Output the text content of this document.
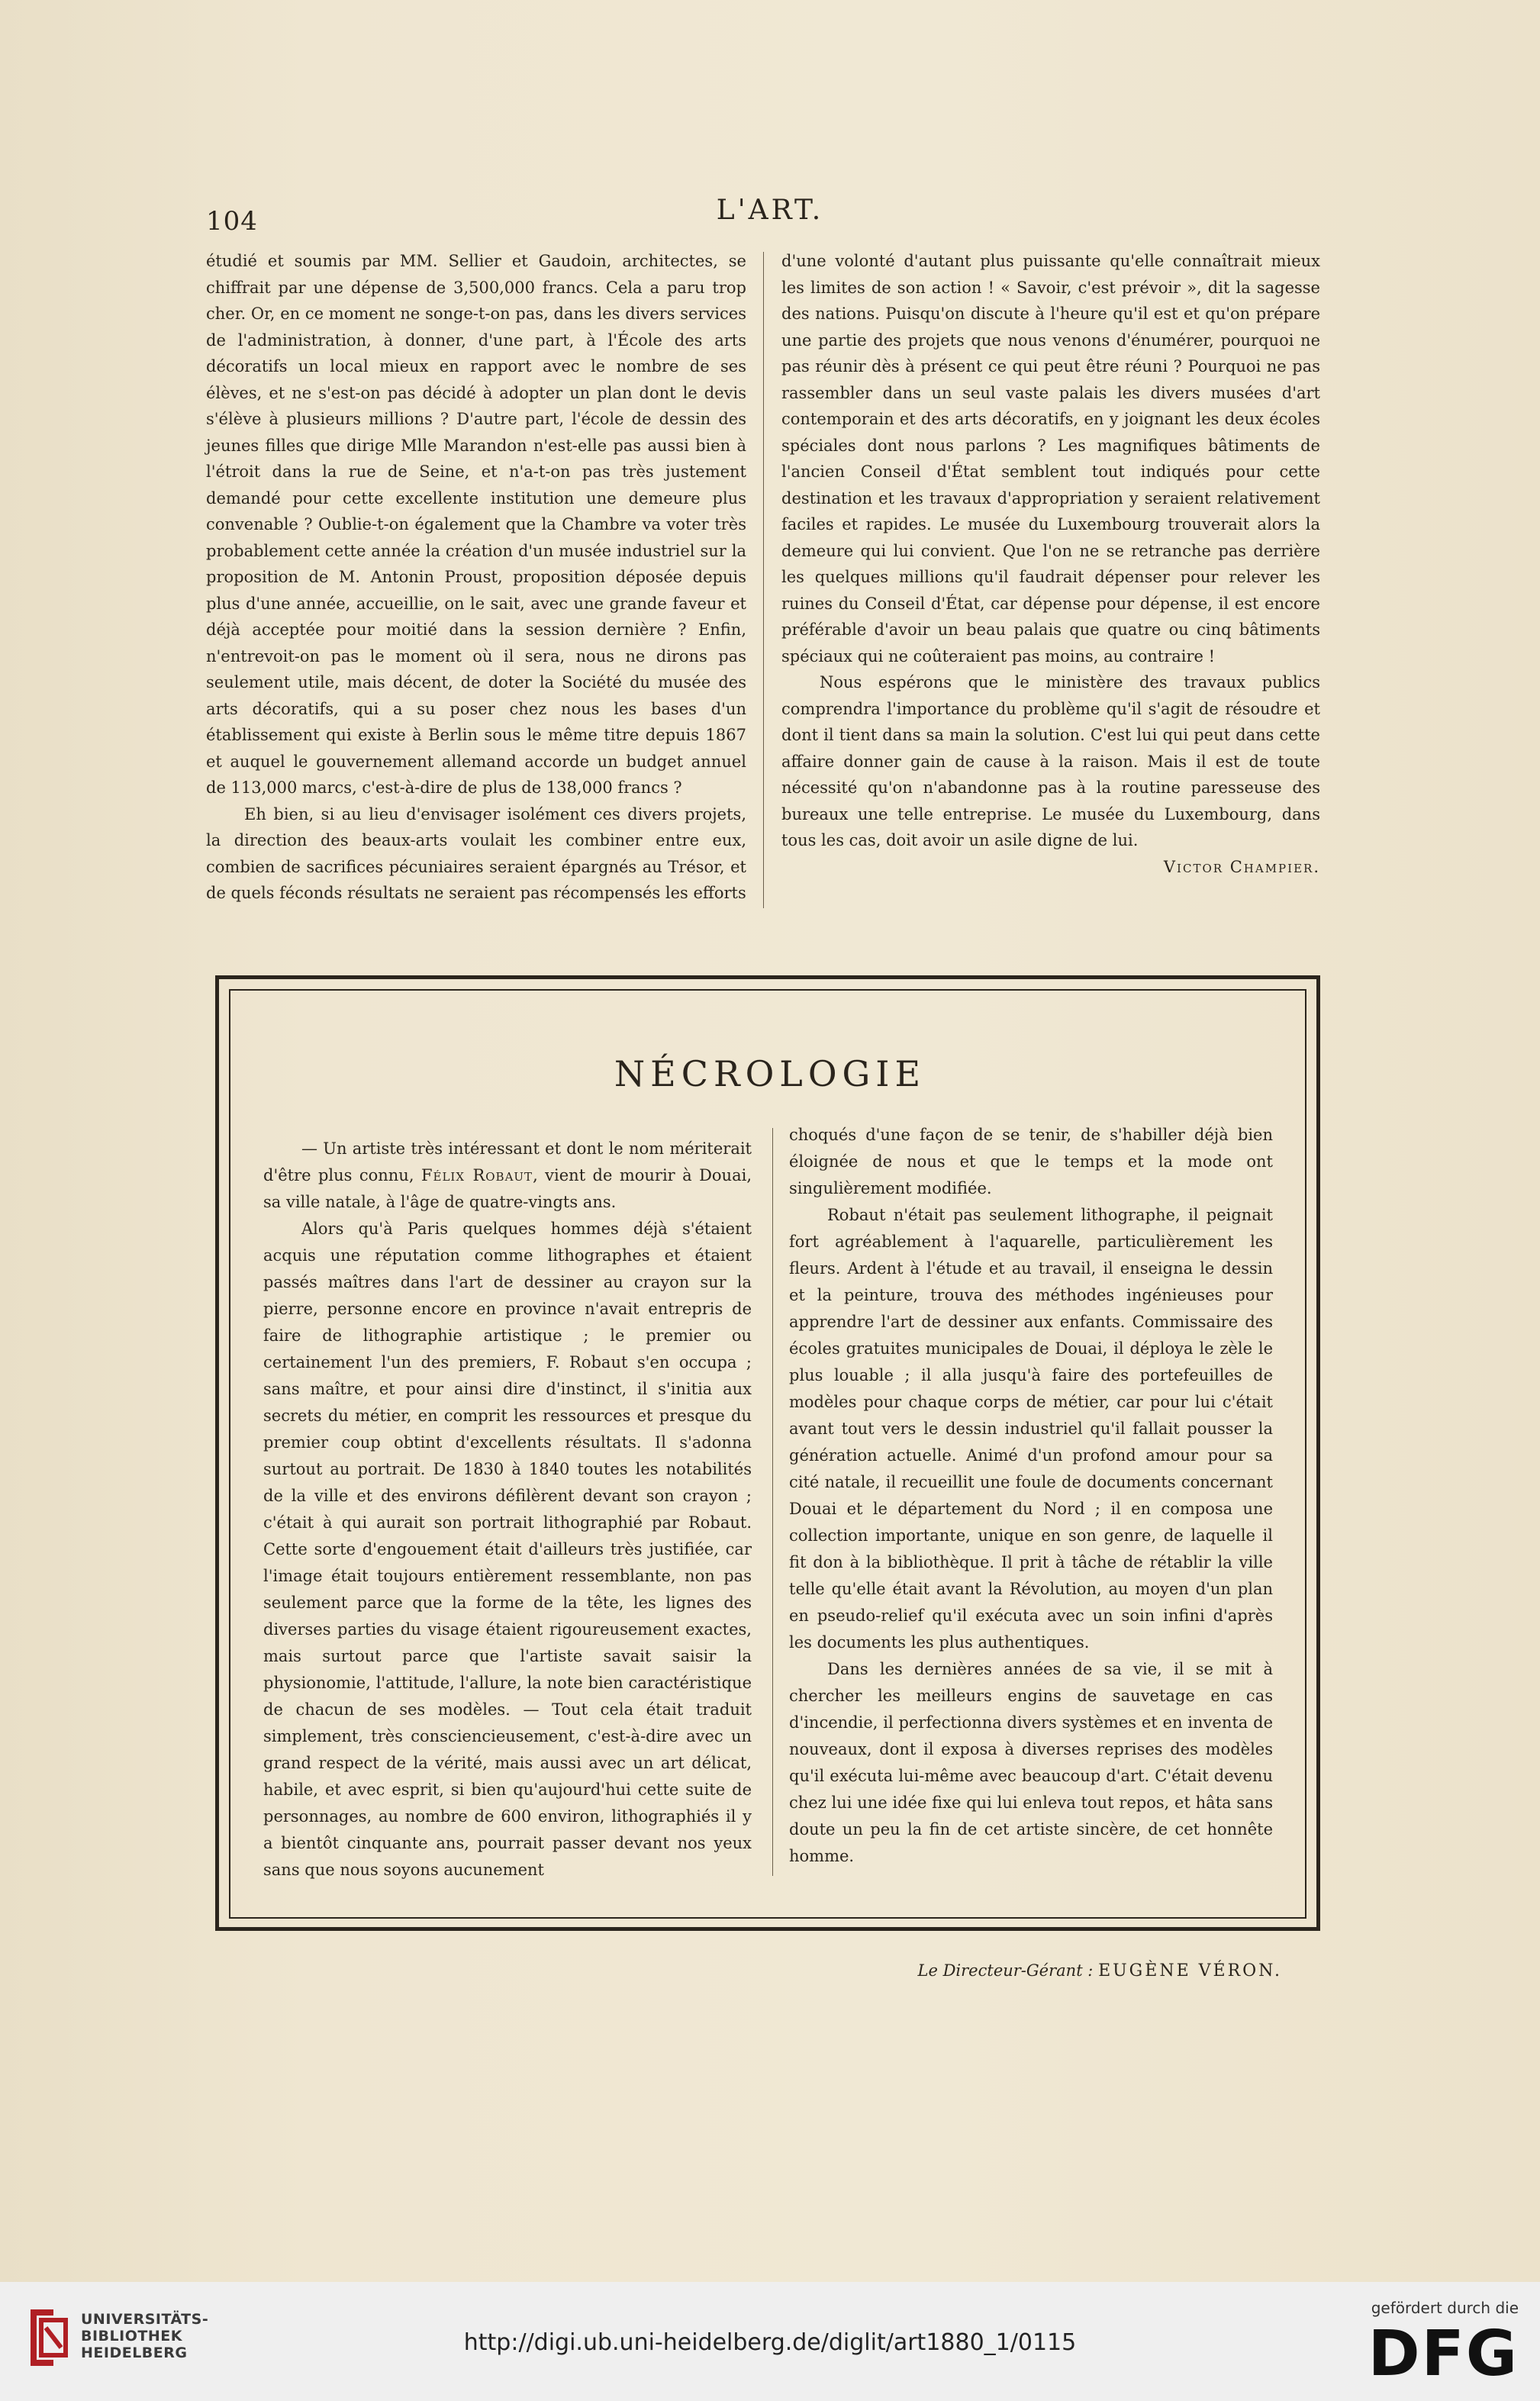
104	L'ART.

étudié et soumis par MM. Sellier et Gaudoin, architectes, se chiffrait par une dépense de 3,500,000 francs. Cela a paru trop cher. Or, en ce moment ne songe-t-on pas, dans les divers services de l'administration, à donner, d'une part, à l'École des arts décoratifs un local mieux en rapport avec le nombre de ses élèves, et ne s'est-on pas décidé à adopter un plan dont le devis s'élève à plusieurs millions ? D'autre part, l'école de dessin des jeunes filles que dirige Mlle Marandon n'est-elle pas aussi bien à l'étroit dans la rue de Seine, et n'a-t-on pas très justement demandé pour cette excellente institution une demeure plus convenable ? Oublie-t-on également que la Chambre va voter très probablement cette année la création d'un musée industriel sur la proposition de M. Antonin Proust, proposition déposée depuis plus d'une année, accueillie, on le sait, avec une grande faveur et déjà acceptée pour moitié dans la session dernière ? Enfin, n'entrevoit-on pas le moment où il sera, nous ne dirons pas seulement utile, mais décent, de doter la Société du musée des arts décoratifs, qui a su poser chez nous les bases d'un établissement qui existe à Berlin sous le même titre depuis 1867 et auquel le gouvernement allemand accorde un budget annuel de 113,000 marcs, c'est-à-dire de plus de 138,000 francs ?

Eh bien, si au lieu d'envisager isolément ces divers projets, la direction des beaux-arts voulait les combiner entre eux, combien de sacrifices pécuniaires seraient épargnés au Trésor, et de quels féconds résultats ne seraient pas récompensés les efforts

d'une volonté d'autant plus puissante qu'elle connaîtrait mieux les limites de son action ! « Savoir, c'est prévoir », dit la sagesse des nations. Puisqu'on discute à l'heure qu'il est et qu'on prépare une partie des projets que nous venons d'énumérer, pourquoi ne pas réunir dès à présent ce qui peut être réuni ? Pourquoi ne pas rassembler dans un seul vaste palais les divers musées d'art contemporain et des arts décoratifs, en y joignant les deux écoles spéciales dont nous parlons ? Les magnifiques bâtiments de l'ancien Conseil d'État semblent tout indiqués pour cette destination et les travaux d'appropriation y seraient relativement faciles et rapides. Le musée du Luxembourg trouverait alors la demeure qui lui convient. Que l'on ne se retranche pas derrière les quelques millions qu'il faudrait dépenser pour relever les ruines du Conseil d'État, car dépense pour dépense, il est encore préférable d'avoir un beau palais que quatre ou cinq bâtiments spéciaux qui ne coûteraient pas moins, au contraire !

Nous espérons que le ministère des travaux publics comprendra l'importance du problème qu'il s'agit de résoudre et dont il tient dans sa main la solution. C'est lui qui peut dans cette affaire donner gain de cause à la raison. Mais il est de toute nécessité qu'on n'abandonne pas à la routine paresseuse des bureaux une telle entreprise. Le musée du Luxembourg, dans tous les cas, doit avoir un asile digne de lui.

Victor Champier.

NÉCROLOGIE

— Un artiste très intéressant et dont le nom mériterait d'être plus connu, Félix Robaut, vient de mourir à Douai, sa ville natale, à l'âge de quatre-vingts ans.

Alors qu'à Paris quelques hommes déjà s'étaient acquis une réputation comme lithographes et étaient passés maîtres dans l'art de dessiner au crayon sur la pierre, personne encore en province n'avait entrepris de faire de lithographie artistique ; le premier ou certainement l'un des premiers, F. Robaut s'en occupa ; sans maître, et pour ainsi dire d'instinct, il s'initia aux secrets du métier, en comprit les ressources et presque du premier coup obtint d'excellents résultats. Il s'adonna surtout au portrait. De 1830 à 1840 toutes les notabilités de la ville et des environs défilèrent devant son crayon ; c'était à qui aurait son portrait lithographié par Robaut. Cette sorte d'engouement était d'ailleurs très justifiée, car l'image était toujours entièrement ressemblante, non pas seulement parce que la forme de la tête, les lignes des diverses parties du visage étaient rigoureusement exactes, mais surtout parce que l'artiste savait saisir la physionomie, l'attitude, l'allure, la note bien caractéristique de chacun de ses modèles. — Tout cela était traduit simplement, très consciencieusement, c'est-à-dire avec un grand respect de la vérité, mais aussi avec un art délicat, habile, et avec esprit, si bien qu'aujourd'hui cette suite de personnages, au nombre de 600 environ, lithographiés il y a bientôt cinquante ans, pourrait passer devant nos yeux sans que nous soyons aucunement

choqués d'une façon de se tenir, de s'habiller déjà bien éloignée de nous et que le temps et la mode ont singulièrement modifiée.

Robaut n'était pas seulement lithographe, il peignait fort agréablement à l'aquarelle, particulièrement les fleurs. Ardent à l'étude et au travail, il enseigna le dessin et la peinture, trouva des méthodes ingénieuses pour apprendre l'art de dessiner aux enfants. Commissaire des écoles gratuites municipales de Douai, il déploya le zèle le plus louable ; il alla jusqu'à faire des portefeuilles de modèles pour chaque corps de métier, car pour lui c'était avant tout vers le dessin industriel qu'il fallait pousser la génération actuelle. Animé d'un profond amour pour sa cité natale, il recueillit une foule de documents concernant Douai et le département du Nord ; il en composa une collection importante, unique en son genre, de laquelle il fit don à la bibliothèque. Il prit à tâche de rétablir la ville telle qu'elle était avant la Révolution, au moyen d'un plan en pseudo-relief qu'il exécuta avec un soin infini d'après les documents les plus authentiques.

Dans les dernières années de sa vie, il se mit à chercher les meilleurs engins de sauvetage en cas d'incendie, il perfectionna divers systèmes et en inventa de nouveaux, dont il exposa à diverses reprises des modèles qu'il exécuta lui-même avec beaucoup d'art. C'était devenu chez lui une idée fixe qui lui enleva tout repos, et hâta sans doute un peu la fin de cet artiste sincère, de cet honnête homme.

Le Directeur-Gérant : EUGÈNE VÉRON.
UNIVERSITÄTS-
BIBLIOTHEK
HEIDELBERG	http://digi.ub.uni-heidelberg.de/diglit/art1880_1/0115
gefördert durch die
DFG
